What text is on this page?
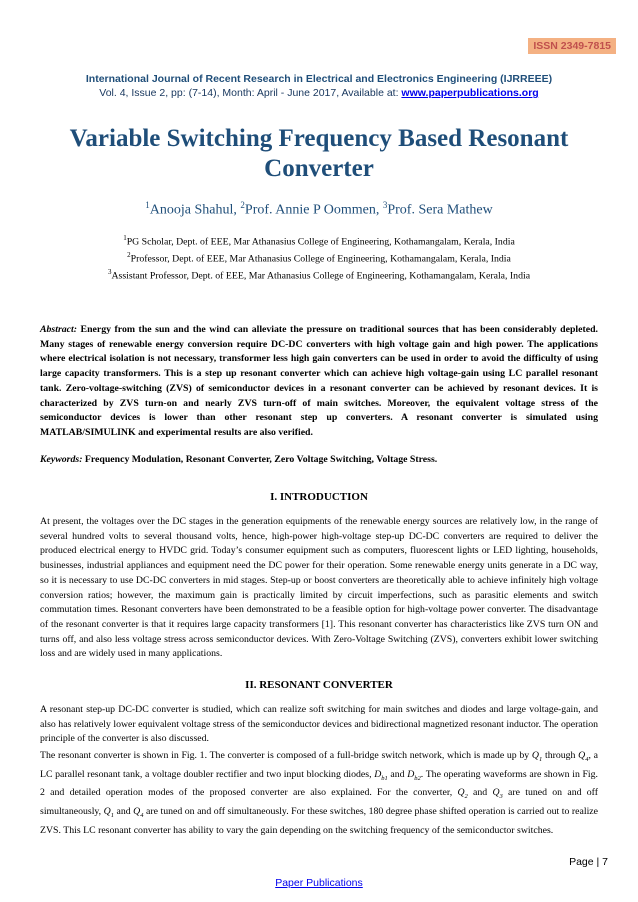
ISSN 2349-7815
International Journal of Recent Research in Electrical and Electronics Engineering (IJRREEE)
Vol. 4, Issue 2, pp: (7-14), Month: April - June 2017, Available at: www.paperpublications.org
Variable Switching Frequency Based Resonant Converter
$^1$Anooja Shahul, $^2$Prof. Annie P Oommen, $^3$Prof. Sera Mathew
$^1$PG Scholar, Dept. of EEE, Mar Athanasius College of Engineering, Kothamangalam, Kerala, India
$^2$Professor, Dept. of EEE, Mar Athanasius College of Engineering, Kothamangalam, Kerala, India
$^3$Assistant Professor, Dept. of EEE, Mar Athanasius College of Engineering, Kothamangalam, Kerala, India
Abstract: Energy from the sun and the wind can alleviate the pressure on traditional sources that has been considerably depleted. Many stages of renewable energy conversion require DC-DC converters with high voltage gain and high power. The applications where electrical isolation is not necessary, transformer less high gain converters can be used in order to avoid the difficulty of using large capacity transformers. This is a step up resonant converter which can achieve high voltage-gain using LC parallel resonant tank. Zero-voltage-switching (ZVS) of semiconductor devices in a resonant converter can be achieved by resonant devices. It is characterized by ZVS turn-on and nearly ZVS turn-off of main switches. Moreover, the equivalent voltage stress of the semiconductor devices is lower than other resonant step up converters. A resonant converter is simulated using MATLAB/SIMULINK and experimental results are also verified.
Keywords: Frequency Modulation, Resonant Converter, Zero Voltage Switching, Voltage Stress.
I. INTRODUCTION
At present, the voltages over the DC stages in the generation equipments of the renewable energy sources are relatively low, in the range of several hundred volts to several thousand volts, hence, high-power high-voltage step-up DC-DC converters are required to deliver the produced electrical energy to HVDC grid. Today’s consumer equipment such as computers, fluorescent lights or LED lighting, households, businesses, industrial appliances and equipment need the DC power for their operation. Some renewable energy units generate in a DC way, so it is necessary to use DC-DC converters in mid stages. Step-up or boost converters are theoretically able to achieve infinitely high voltage conversion ratios; however, the maximum gain is practically limited by circuit imperfections, such as parasitic elements and switch commutation times. Resonant converters have been demonstrated to be a feasible option for high-voltage power converter. The disadvantage of the resonant converter is that it requires large capacity transformers [1]. This resonant converter has characteristics like ZVS turn ON and turns off, and also less voltage stress across semiconductor devices. With Zero-Voltage Switching (ZVS), converters exhibit lower switching loss and are widely used in many applications.
II. RESONANT CONVERTER
A resonant step-up DC-DC converter is studied, which can realize soft switching for main switches and diodes and large voltage-gain, and also has relatively lower equivalent voltage stress of the semiconductor devices and bidirectional magnetized resonant inductor. The operation principle of the converter is also discussed.
The resonant converter is shown in Fig. 1. The converter is composed of a full-bridge switch network, which is made up by $Q_1$ through $Q_4$, a LC parallel resonant tank, a voltage doubler rectifier and two input blocking diodes, $D_{b1}$ and $D_{b2}$. The operating waveforms are shown in Fig. 2 and detailed operation modes of the proposed converter are also explained. For the converter, $Q_2$ and $Q_3$ are tuned on and off simultaneously, $Q_1$ and $Q_4$ are tuned on and off simultaneously. For these switches, 180 degree phase shifted operation is carried out to realize ZVS. This LC resonant converter has ability to vary the gain depending on the switching frequency of the semiconductor switches.
Page | 7
Paper Publications
